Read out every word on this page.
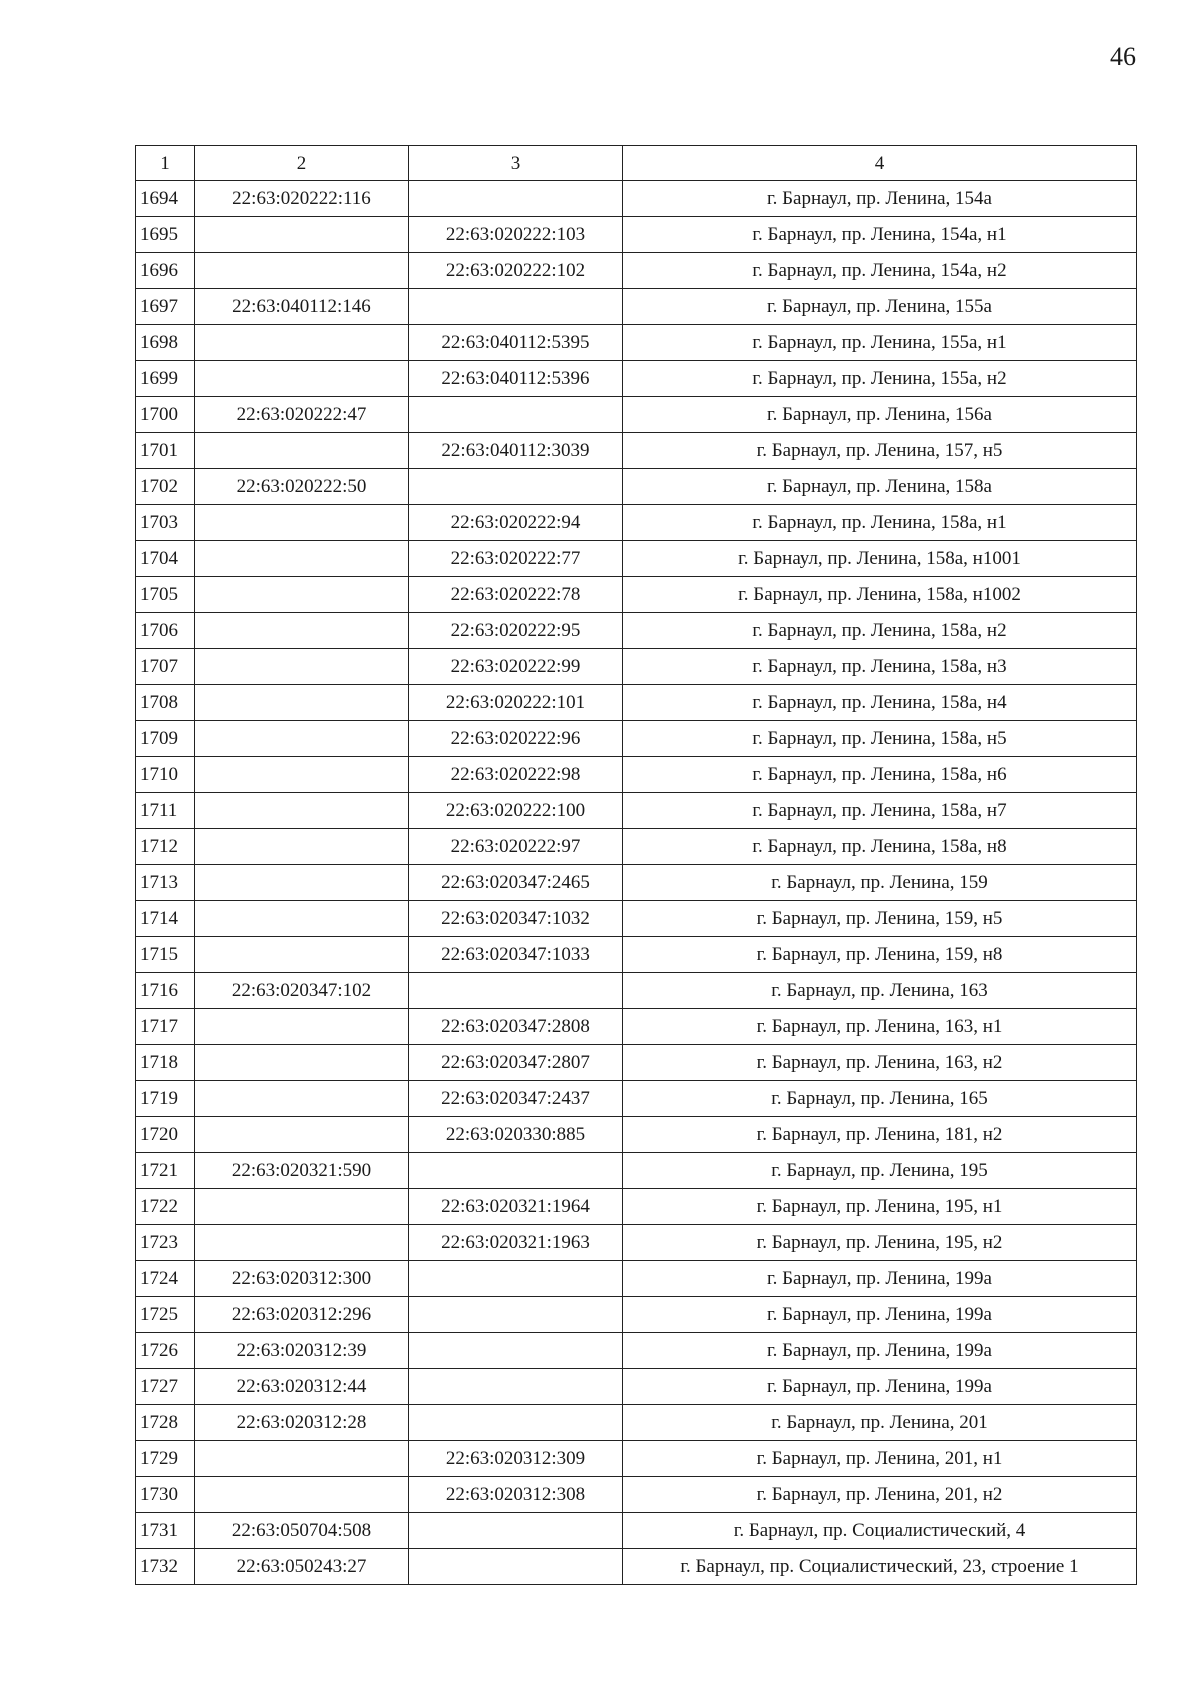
46
1	2	3	4
1694	22:63:020222:116		г. Барнаул, пр. Ленина, 154а
1695		22:63:020222:103	г. Барнаул, пр. Ленина, 154а, н1
1696		22:63:020222:102	г. Барнаул, пр. Ленина, 154а, н2
1697	22:63:040112:146		г. Барнаул, пр. Ленина, 155а
1698		22:63:040112:5395	г. Барнаул, пр. Ленина, 155а, н1
1699		22:63:040112:5396	г. Барнаул, пр. Ленина, 155а, н2
1700	22:63:020222:47		г. Барнаул, пр. Ленина, 156а
1701		22:63:040112:3039	г. Барнаул, пр. Ленина, 157, н5
1702	22:63:020222:50		г. Барнаул, пр. Ленина, 158а
1703		22:63:020222:94	г. Барнаул, пр. Ленина, 158а, н1
1704		22:63:020222:77	г. Барнаул, пр. Ленина, 158а, н1001
1705		22:63:020222:78	г. Барнаул, пр. Ленина, 158а, н1002
1706		22:63:020222:95	г. Барнаул, пр. Ленина, 158а, н2
1707		22:63:020222:99	г. Барнаул, пр. Ленина, 158а, н3
1708		22:63:020222:101	г. Барнаул, пр. Ленина, 158а, н4
1709		22:63:020222:96	г. Барнаул, пр. Ленина, 158а, н5
1710		22:63:020222:98	г. Барнаул, пр. Ленина, 158а, н6
1711		22:63:020222:100	г. Барнаул, пр. Ленина, 158а, н7
1712		22:63:020222:97	г. Барнаул, пр. Ленина, 158а, н8
1713		22:63:020347:2465	г. Барнаул, пр. Ленина, 159
1714		22:63:020347:1032	г. Барнаул, пр. Ленина, 159, н5
1715		22:63:020347:1033	г. Барнаул, пр. Ленина, 159, н8
1716	22:63:020347:102		г. Барнаул, пр. Ленина, 163
1717		22:63:020347:2808	г. Барнаул, пр. Ленина, 163, н1
1718		22:63:020347:2807	г. Барнаул, пр. Ленина, 163, н2
1719		22:63:020347:2437	г. Барнаул, пр. Ленина, 165
1720		22:63:020330:885	г. Барнаул, пр. Ленина, 181, н2
1721	22:63:020321:590		г. Барнаул, пр. Ленина, 195
1722		22:63:020321:1964	г. Барнаул, пр. Ленина, 195, н1
1723		22:63:020321:1963	г. Барнаул, пр. Ленина, 195, н2
1724	22:63:020312:300		г. Барнаул, пр. Ленина, 199а
1725	22:63:020312:296		г. Барнаул, пр. Ленина, 199а
1726	22:63:020312:39		г. Барнаул, пр. Ленина, 199а
1727	22:63:020312:44		г. Барнаул, пр. Ленина, 199а
1728	22:63:020312:28		г. Барнаул, пр. Ленина, 201
1729		22:63:020312:309	г. Барнаул, пр. Ленина, 201, н1
1730		22:63:020312:308	г. Барнаул, пр. Ленина, 201, н2
1731	22:63:050704:508		г. Барнаул, пр. Социалистический, 4
1732	22:63:050243:27		г. Барнаул, пр. Социалистический, 23, строение 1
